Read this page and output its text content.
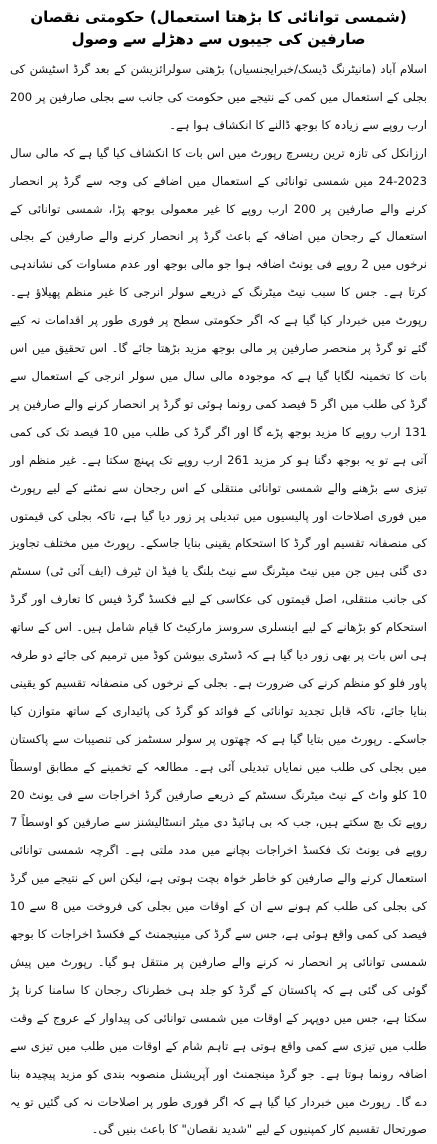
(شمسی توانائی کا بڑھتا استعمال) حکومتی نقصان صارفین کی جیبوں سے دھڑلے سے وصول

اسلام آباد (مانیٹرنگ ڈیسک/خبرایجنسیاں) بڑھتی سولرائزیشن کے بعد گرڈ اسٹیشن کی بجلی کے استعمال میں کمی کے نتیجے میں حکومت کی جانب سے بجلی صارفین پر 200 ارب روپے سے زیادہ کا بوجھ ڈالنے کا انکشاف ہوا ہے۔

ارزانکل کی تازہ ترین ریسرچ رپورٹ میں اس بات کا انکشاف کیا گیا ہے کہ مالی سال 2023-24 میں شمسی توانائی کے استعمال میں اضافے کی وجہ سے گرڈ پر انحصار کرنے والے صارفین پر 200 ارب روپے کا غیر معمولی بوجھ پڑا، شمسی توانائی کے استعمال کے رجحان میں اضافہ کے باعث گرڈ پر انحصار کرنے والے صارفین کے بجلی نرخوں میں 2 روپے فی یونٹ اضافہ ہوا جو مالی بوجھ اور عدم مساوات کی نشاندہی کرتا ہے۔ جس کا سبب نیٹ میٹرنگ کے ذریعے سولر انرجی کا غیر منظم پھیلاؤ ہے۔ رپورٹ میں خبردار کیا گیا ہے کہ اگر حکومتی سطح پر فوری طور پر اقدامات نہ کیے گئے تو گرڈ پر منحصر صارفین پر مالی بوجھ مزید بڑھتا جائے گا۔ اس تحقیق میں اس بات کا تخمینہ لگایا گیا ہے کہ موجودہ مالی سال میں سولر انرجی کے استعمال سے گرڈ کی طلب میں اگر 5 فیصد کمی رونما ہوئی تو گرڈ پر انحصار کرنے والے صارفین پر 131 ارب روپے کا مزید بوجھ پڑے گا اور اگر گرڈ کی طلب میں 10 فیصد تک کی کمی آتی ہے تو یہ بوجھ دگنا ہو کر مزید 261 ارب روپے تک پہنچ سکتا ہے۔ غیر منظم اور تیزی سے بڑھنے والے شمسی توانائی منتقلی کے اس رجحان سے نمٹنے کے لیے رپورٹ میں فوری اصلاحات اور پالیسیوں میں تبدیلی پر زور دیا گیا ہے، تاکہ بجلی کی قیمتوں کی منصفانہ تقسیم اور گرڈ کا استحکام یقینی بنایا جاسکے۔ رپورٹ میں مختلف تجاویز دی گئی ہیں جن میں نیٹ میٹرنگ سے نیٹ بلنگ یا فیڈ ان ٹیرف (ایف آئی ٹی) سسٹم کی جانب منتقلی، اصل قیمتوں کی عکاسی کے لیے فکسڈ گرڈ فیس کا تعارف اور گرڈ استحکام کو بڑھانے کے لیے اینسلری سروسز مارکیٹ کا قیام شامل ہیں۔ اس کے ساتھ ہی اس بات پر بھی زور دیا گیا ہے کہ ڈسٹری بیوشن کوڈ میں ترمیم کی جائے دو طرفہ پاور فلو کو منظم کرنے کی ضرورت ہے۔ بجلی کے نرخوں کی منصفانہ تقسیم کو یقینی بنایا جائے، تاکہ قابل تجدید توانائی کے فوائد کو گرڈ کی پائیداری کے ساتھ متوازن کیا جاسکے۔ رپورٹ میں بتایا گیا ہے کہ چھتوں پر سولر سسٹمز کی تنصیبات سے پاکستان میں بجلی کی طلب میں نمایاں تبدیلی آئی ہے۔ مطالعہ کے تخمینے کے مطابق اوسطاً 10 کلو واٹ کے نیٹ میٹرنگ سسٹم کے ذریعے صارفین گرڈ اخراجات سے فی یونٹ 20 روپے تک بچ سکتے ہیں، جب کہ بی ہائیڈ دی میٹر انسٹالیشنز سے صارفین کو اوسطاً 7 روپے فی یونٹ تک فکسڈ اخراجات بچانے میں مدد ملتی ہے۔ اگرچہ شمسی توانائی استعمال کرنے والے صارفین کو خاطر خواہ بچت ہوتی ہے، لیکن اس کے نتیجے میں گرڈ کی بجلی کی طلب کم ہونے سے ان کے اوقات میں بجلی کی فروخت میں 8 سے 10 فیصد کی کمی واقع ہوئی ہے، جس سے گرڈ کی مینیجمنٹ کے فکسڈ اخراجات کا بوجھ شمسی توانائی پر انحصار نہ کرنے والے صارفین پر منتقل ہو گیا۔ رپورٹ میں پیش گوئی کی گئی ہے کہ پاکستان کے گرڈ کو جلد ہی خطرناک رجحان کا سامنا کرنا پڑ سکتا ہے، جس میں دوپہر کے اوقات میں شمسی توانائی کی پیداوار کے عروج کے وقت طلب میں تیزی سے کمی واقع ہوتی ہے تاہم شام کے اوقات میں طلب میں تیزی سے اضافہ رونما ہوتا ہے۔ جو گرڈ مینجمنٹ اور آپریشنل منصوبہ بندی کو مزید پیچیدہ بنا دے گا۔ رپورٹ میں خبردار کیا گیا ہے کہ اگر فوری طور پر اصلاحات نہ کی گئیں تو یہ صورتحال تقسیم کار کمپنیوں کے لیے "شدید نقصان" کا باعث بنیں گی۔
